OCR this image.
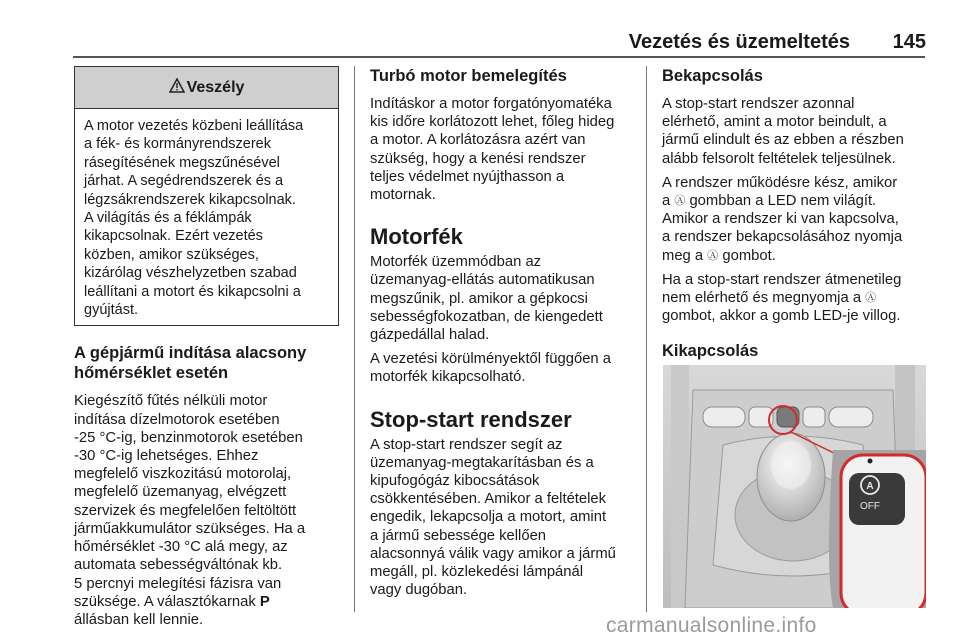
Vezetés és üzemeltetés 145
Veszély
A motor vezetés közbeni leállítása
a fék- és kormányrendszerek
rásegítésének megszűnésével
járhat. A segédrendszerek és a
légzsákrendszerek kikapcsolnak.
A világítás és a féklámpák
kikapcsolnak. Ezért vezetés
közben, amikor szükséges,
kizárólag vészhelyzetben szabad
leállítani a motort és kikapcsolni a
gyújtást.
A gépjármű indítása alacsony
hőmérséklet esetén

Kiegészítő fűtés nélküli motor

indítása dízelmotorok esetében

-25 °C-ig, benzinmotorok esetében

-30 °C-ig lehetséges. Ehhez

megfelelő viszkozitású motorolaj,

megfelelő üzemanyag, elvégzett

szervizek és megfelelően feltöltött

járműakkumulátor szükséges. Ha a

hőmérséklet -30 °C alá megy, az

automata sebességváltónak kb.

5 percnyi melegítési fázisra van

szüksége. A választókarnak P

állásban kell lennie.

Turbó motor bemelegítés

Indításkor a motor forgatónyomatéka

kis időre korlátozott lehet, főleg hideg

a motor. A korlátozásra azért van

szükség, hogy a kenési rendszer

teljes védelmet nyújthasson a

motornak.

Motorfék

Motorfék üzemmódban az

üzemanyag-ellátás automatikusan

megszűnik, pl. amikor a gépkocsi

sebességfokozatban, de kiengedett

gázpedállal halad.

A vezetési körülményektől függően a

motorfék kikapcsolható.

Stop-start rendszer

A stop-start rendszer segít az

üzemanyag-megtakarításban és a

kipufogógáz kibocsátások

csökkentésében. Amikor a feltételek

engedik, lekapcsolja a motort, amint

a jármű sebessége kellően

alacsonnyá válik vagy amikor a jármű

megáll, pl. közlekedési lámpánál

vagy dugóban.

Bekapcsolás

A stop-start rendszer azonnal

elérhető, amint a motor beindult, a

jármű elindult és az ebben a részben

alább felsorolt feltételek teljesülnek.

A rendszer működésre kész, amikor

a Ⓐ gombban a LED nem világít.

Amikor a rendszer ki van kapcsolva,

a rendszer bekapcsolásához nyomja

meg a Ⓐ gombot.

Ha a stop-start rendszer átmenetileg

nem elérhető és megnyomja a Ⓐ

gombot, akkor a gomb LED-je villog.

Kikapcsolás
A
OFF
carmanualsonline.info
